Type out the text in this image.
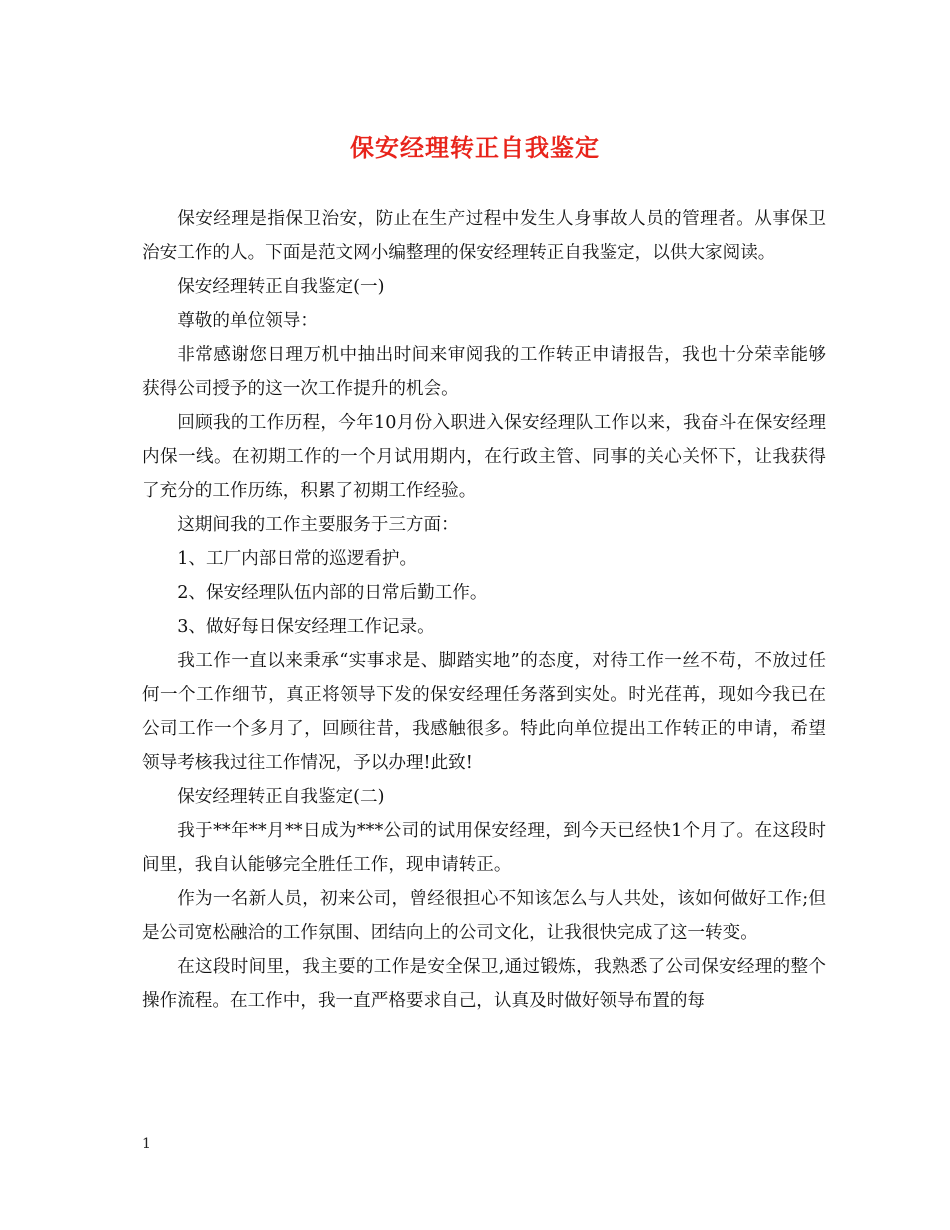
保安经理转正自我鉴定

保安经理是指保卫治安，防止在生产过程中发生人身事故人员的管理者。从事保卫治安工作的人。下面是范文网小编整理的保安经理转正自我鉴定，以供大家阅读。

保安经理转正自我鉴定(一)

尊敬的单位领导：

非常感谢您日理万机中抽出时间来审阅我的工作转正申请报告，我也十分荣幸能够获得公司授予的这一次工作提升的机会。

回顾我的工作历程，今年10月份入职进入保安经理队工作以来，我奋斗在保安经理内保一线。在初期工作的一个月试用期内，在行政主管、同事的关心关怀下，让我获得了充分的工作历练，积累了初期工作经验。

这期间我的工作主要服务于三方面：

1、工厂内部日常的巡逻看护。

2、保安经理队伍内部的日常后勤工作。

3、做好每日保安经理工作记录。

我工作一直以来秉承“实事求是、脚踏实地”的态度，对待工作一丝不苟，不放过任何一个工作细节，真正将领导下发的保安经理任务落到实处。时光荏苒，现如今我已在公司工作一个多月了，回顾往昔，我感触很多。特此向单位提出工作转正的申请，希望领导考核我过往工作情况，予以办理!此致!

保安经理转正自我鉴定(二)

我于**年**月**日成为***公司的试用保安经理，到今天已经快1个月了。在这段时间里，我自认能够完全胜任工作，现申请转正。

作为一名新人员，初来公司，曾经很担心不知该怎么与人共处，该如何做好工作;但是公司宽松融洽的工作氛围、团结向上的公司文化，让我很快完成了这一转变。

在这段时间里，我主要的工作是安全保卫,通过锻炼，我熟悉了公司保安经理的整个操作流程。在工作中，我一直严格要求自己，认真及时做好领导布置的每

1
